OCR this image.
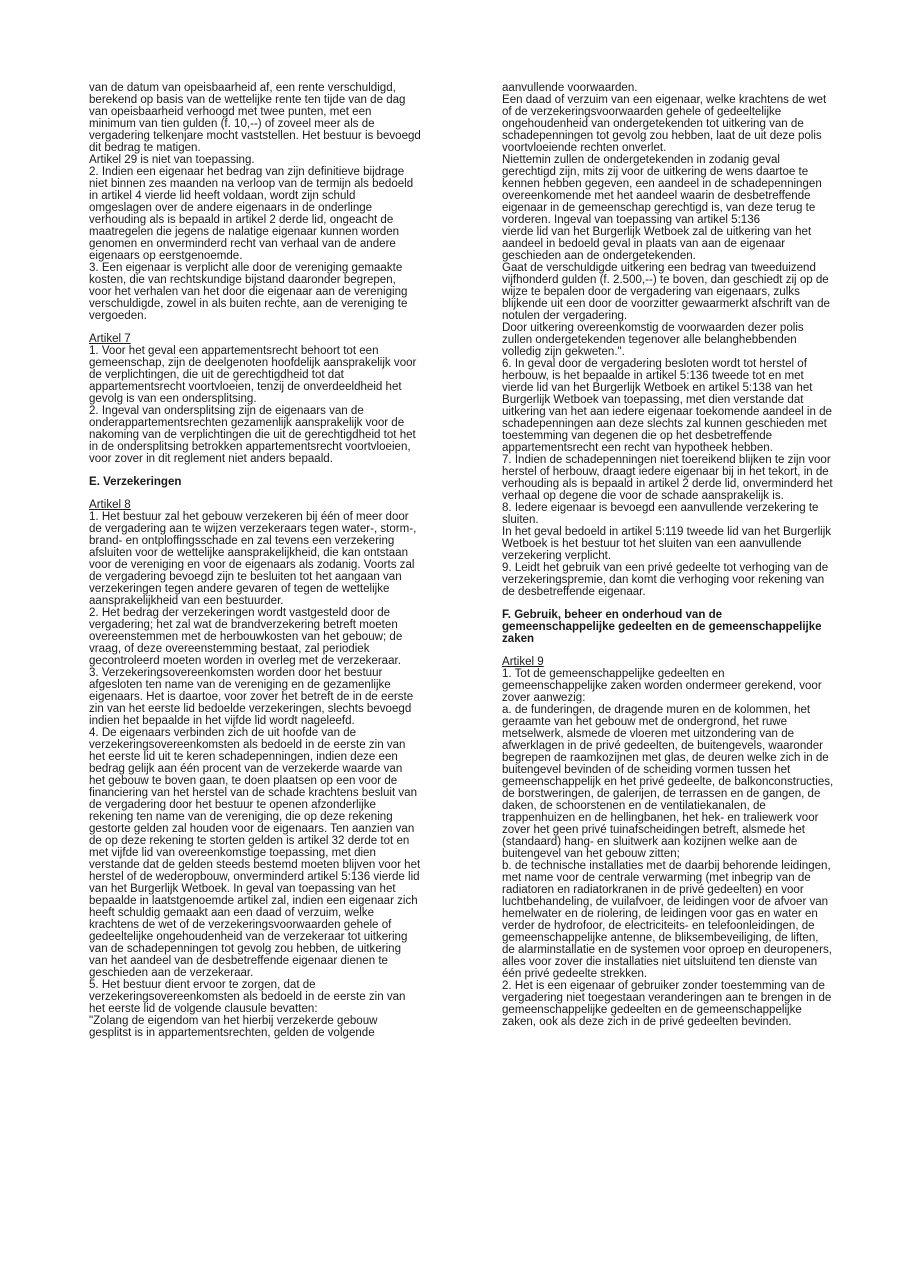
van de datum van opeisbaarheid af, een rente verschuldigd,
berekend op basis van de wettelijke rente ten tijde van de dag
van opeisbaarheid verhoogd met twee punten, met een
minimum van tien gulden (f. 10,--) of zoveel meer als de
vergadering telkenjare mocht vaststellen. Het bestuur is bevoegd
dit bedrag te matigen.
Artikel 29 is niet van toepassing.
2. Indien een eigenaar het bedrag van zijn definitieve bijdrage
niet binnen zes maanden na verloop van de termijn als bedoeld
in artikel 4 vierde lid heeft voldaan, wordt zijn schuld
omgeslagen over de andere eigenaars in de onderlinge
verhouding als is bepaald in artikel 2 derde lid, ongeacht de
maatregelen die jegens de nalatige eigenaar kunnen worden
genomen en onverminderd recht van verhaal van de andere
eigenaars op eerstgenoemde.
3. Een eigenaar is verplicht alle door de vereniging gemaakte
kosten, die van rechtskundige bijstand daaronder begrepen,
voor het verhalen van het door die eigenaar aan de vereniging
verschuldigde, zowel in als buiten rechte, aan de vereniging te
vergoeden.

Artikel 7

1. Voor het geval een appartementsrecht behoort tot een
gemeenschap, zijn de deelgenoten hoofdelijk aansprakelijk voor
de verplichtingen, die uit de gerechtigdheid tot dat
appartementsrecht voortvloeien, tenzij de onverdeeldheid het
gevolg is van een ondersplitsing.
2. Ingeval van ondersplitsing zijn de eigenaars van de
onderappartementsrechten gezamenlijk aansprakelijk voor de
nakoming van de verplichtingen die uit de gerechtigdheid tot het
in de ondersplitsing betrokken appartementsrecht voortvloeien,
voor zover in dit reglement niet anders bepaald.

E. Verzekeringen

Artikel 8

1. Het bestuur zal het gebouw verzekeren bij één of meer door
de vergadering aan te wijzen verzekeraars tegen water-, storm-,
brand- en ontploffingsschade en zal tevens een verzekering
afsluiten voor de wettelijke aansprakelijkheid, die kan ontstaan
voor de vereniging en voor de eigenaars als zodanig. Voorts zal
de vergadering bevoegd zijn te besluiten tot het aangaan van
verzekeringen tegen andere gevaren of tegen de wettelijke
aansprakelijkheid van een bestuurder.
2. Het bedrag der verzekeringen wordt vastgesteld door de
vergadering; het zal wat de brandverzekering betreft moeten
overeenstemmen met de herbouwkosten van het gebouw; de
vraag, of deze overeenstemming bestaat, zal periodiek
gecontroleerd moeten worden in overleg met de verzekeraar.
3. Verzekeringsovereenkomsten worden door het bestuur
afgesloten ten name van de vereniging en de gezamenlijke
eigenaars. Het is daartoe, voor zover het betreft de in de eerste
zin van het eerste lid bedoelde verzekeringen, slechts bevoegd
indien het bepaalde in het vijfde lid wordt nageleefd.
4. De eigenaars verbinden zich de uit hoofde van de
verzekeringsovereenkomsten als bedoeld in de eerste zin van
het eerste lid uit te keren schadepenningen, indien deze een
bedrag gelijk aan één procent van de verzekerde waarde van
het gebouw te boven gaan, te doen plaatsen op een voor de
financiering van het herstel van de schade krachtens besluit van
de vergadering door het bestuur te openen afzonderlijke
rekening ten name van de vereniging, die op deze rekening
gestorte gelden zal houden voor de eigenaars. Ten aanzien van
de op deze rekening te storten gelden is artikel 32 derde tot en
met vijfde lid van overeenkomstige toepassing, met dien
verstande dat de gelden steeds bestemd moeten blijven voor het
herstel of de wederopbouw, onverminderd artikel 5:136 vierde lid
van het Burgerlijk Wetboek. In geval van toepassing van het
bepaalde in laatstgenoemde artikel zal, indien een eigenaar zich
heeft schuldig gemaakt aan een daad of verzuim, welke
krachtens de wet of de verzekeringsvoorwaarden gehele of
gedeeltelijke ongehoudenheid van de verzekeraar tot uitkering
van de schadepenningen tot gevolg zou hebben, de uitkering
van het aandeel van de desbetreffende eigenaar dienen te
geschieden aan de verzekeraar.
5. Het bestuur dient ervoor te zorgen, dat de
verzekeringsovereenkomsten als bedoeld in de eerste zin van
het eerste lid de volgende clausule bevatten:
"Zolang de eigendom van het hierbij verzekerde gebouw
gesplitst is in appartementsrechten, gelden de volgende

aanvullende voorwaarden.
Een daad of verzuim van een eigenaar, welke krachtens de wet
of de verzekeringsvoorwaarden gehele of gedeeltelijke
ongehoudenheid van ondergetekenden tot uitkering van de
schadepenningen tot gevolg zou hebben, laat de uit deze polis
voortvloeiende rechten onverlet.
Niettemin zullen de ondergetekenden in zodanig geval
gerechtigd zijn, mits zij voor de uitkering de wens daartoe te
kennen hebben gegeven, een aandeel in de schadepenningen
overeenkomende met het aandeel waarin de desbetreffende
eigenaar in de gemeenschap gerechtigd is, van deze terug te
vorderen. Ingeval van toepassing van artikel 5:136
vierde lid van het Burgerlijk Wetboek zal de uitkering van het
aandeel in bedoeld geval in plaats van aan de eigenaar
geschieden aan de ondergetekenden.
Gaat de verschuldigde uitkering een bedrag van tweeduizend
vijfhonderd gulden (f. 2.500,--) te boven, dan geschiedt zij op de
wijze te bepalen door de vergadering van eigenaars, zulks
blijkende uit een door de voorzitter gewaarmerkt afschrift van de
notulen der vergadering.
Door uitkering overeenkomstig de voorwaarden dezer polis
zullen ondergetekenden tegenover alle belanghebbenden
volledig zijn gekweten.".
6. In geval door de vergadering besloten wordt tot herstel of
herbouw, is het bepaalde in artikel 5:136 tweede tot en met
vierde lid van het Burgerlijk Wetboek en artikel 5:138 van het
Burgerlijk Wetboek van toepassing, met dien verstande dat
uitkering van het aan iedere eigenaar toekomende aandeel in de
schadepenningen aan deze slechts zal kunnen geschieden met
toestemming van degenen die op het desbetreffende
appartementsrecht een recht van hypotheek hebben.
7. Indien de schadepenningen niet toereikend blijken te zijn voor
herstel of herbouw, draagt iedere eigenaar bij in het tekort, in de
verhouding als is bepaald in artikel 2 derde lid, onverminderd het
verhaal op degene die voor de schade aansprakelijk is.
8. Iedere eigenaar is bevoegd een aanvullende verzekering te
sluiten.
In het geval bedoeld in artikel 5:119 tweede lid van het Burgerlijk
Wetboek is het bestuur tot het sluiten van een aanvullende
verzekering verplicht.
9. Leidt het gebruik van een privé gedeelte tot verhoging van de
verzekeringspremie, dan komt die verhoging voor rekening van
de desbetreffende eigenaar.

F. Gebruik, beheer en onderhoud van de
gemeenschappelijke gedeelten en de gemeenschappelijke
zaken

Artikel 9

1. Tot de gemeenschappelijke gedeelten en
gemeenschappelijke zaken worden ondermeer gerekend, voor
zover aanwezig:
a. de funderingen, de dragende muren en de kolommen, het
geraamte van het gebouw met de ondergrond, het ruwe
metselwerk, alsmede de vloeren met uitzondering van de
afwerklagen in de privé gedeelten, de buitengevels, waaronder
begrepen de raamkozijnen met glas, de deuren welke zich in de
buitengevel bevinden of de scheiding vormen tussen het
gemeenschappelijk en het privé gedeelte, de balkonconstructies,
de borstweringen, de galerijen, de terrassen en de gangen, de
daken, de schoorstenen en de ventilatiekanalen, de
trappenhuizen en de hellingbanen, het hek- en traliewerk voor
zover het geen privé tuinafscheidingen betreft, alsmede het
(standaard) hang- en sluitwerk aan kozijnen welke aan de
buitengevel van het gebouw zitten;
b. de technische installaties met de daarbij behorende leidingen,
met name voor de centrale verwarming (met inbegrip van de
radiatoren en radiatorkranen in de privé gedeelten) en voor
luchtbehandeling, de vuilafvoer, de leidingen voor de afvoer van
hemelwater en de riolering, de leidingen voor gas en water en
verder de hydrofoor, de electriciteits- en telefoonleidingen, de
gemeenschappelijke antenne, de bliksembeveiliging, de liften,
de alarminstallatie en de systemen voor oproep en deuropeners,
alles voor zover die installaties niet uitsluitend ten dienste van
één privé gedeelte strekken.
2. Het is een eigenaar of gebruiker zonder toestemming van de
vergadering niet toegestaan veranderingen aan te brengen in de
gemeenschappelijke gedeelten en de gemeenschappelijke
zaken, ook als deze zich in de privé gedeelten bevinden.
